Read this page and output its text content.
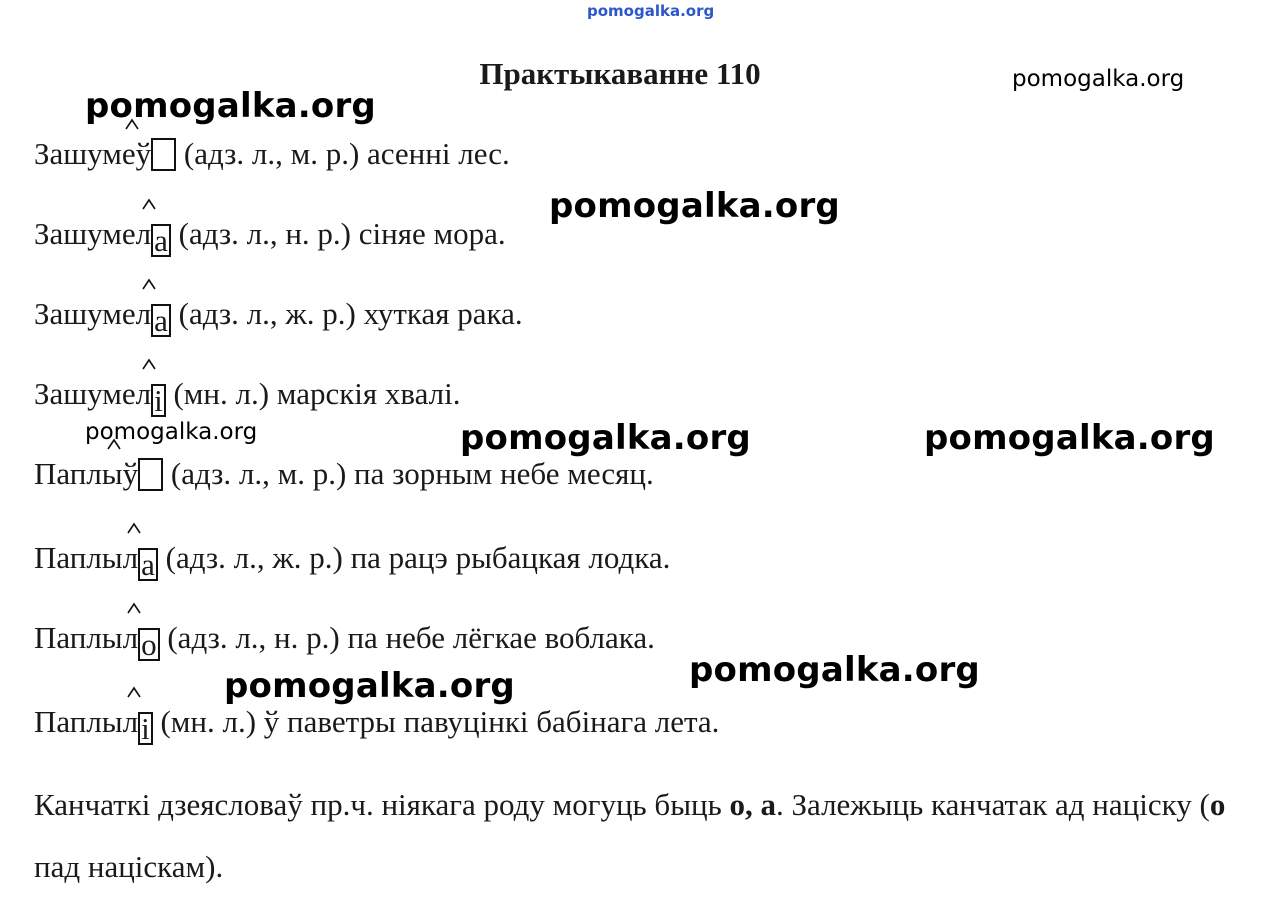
pomogalka.org
Практыкаванне 110	pomogalka.org
pomogalka.org
pomogalka.org
pomogalka.org	pomogalka.org	pomogalka.org
pomogalka.org
pomogalka.org
Зашуме
ў (адз. л., м. р.) асенні лес.
Зашумел
а (адз. л., н. р.) сіняе мора.
Зашумел
а (адз. л., ж. р.) хуткая рака.
Зашумел
і (мн. л.) марскія хвалі.
Паплыў
(адз. л., м. р.) па зорным небе месяц.
Паплыл
а (адз. л., ж. р.) па рацэ рыбацкая лодка.
Паплыл
о (адз. л., н. р.) па небе лёгкае воблака.
Паплыл
і (мн. л.) ў паветры павуцінкі бабінага лета.
Канчаткі дзеясловаў пр.ч. ніякага роду могуць быць о, а. Залежыць канчатак ад націску (о пад націскам).
